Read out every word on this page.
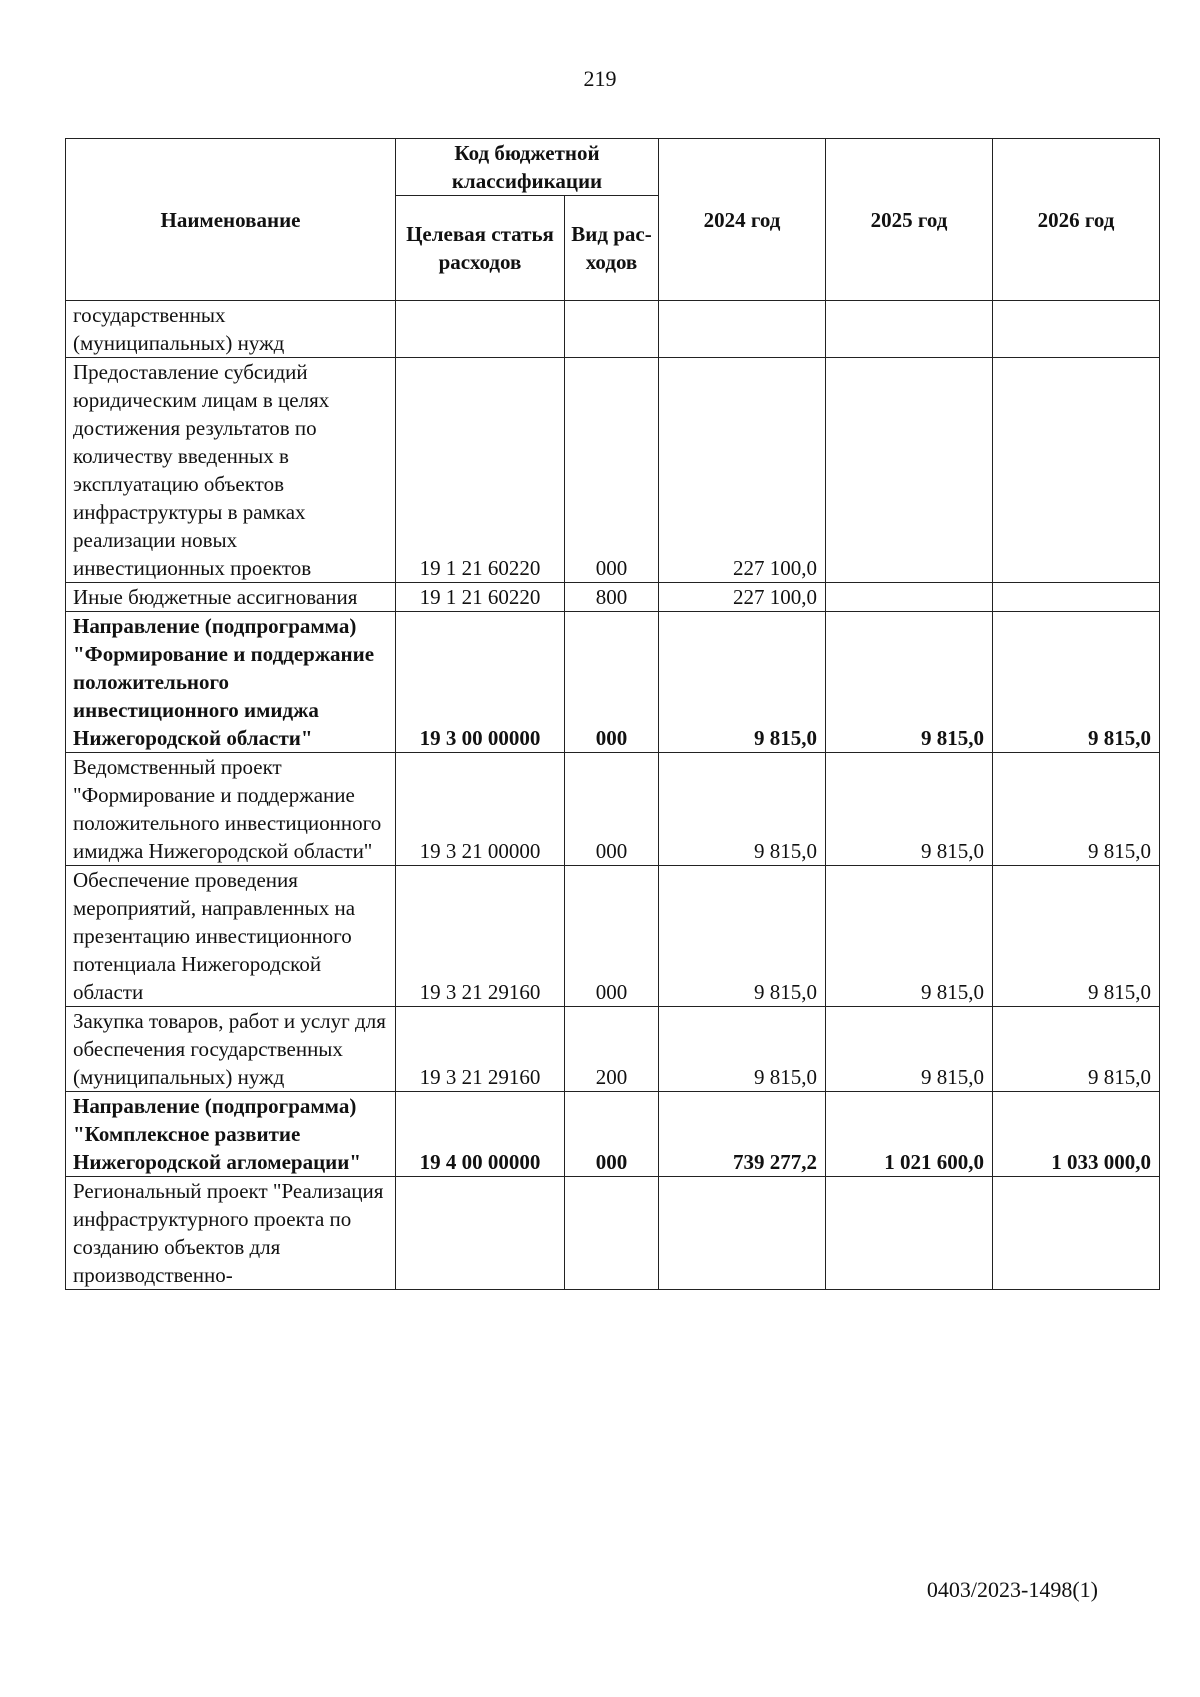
219
Наименование	Код бюджетной классификации		2024 год	2025 год	2026 год
	Целевая статья расходов	Вид рас-ходов			
государственных (муниципальных) нужд					
Предоставление субсидий юридическим лицам в целях достижения результатов по количеству введенных в эксплуатацию объектов инфраструктуры в рамках реализации новых инвестиционных проектов	19 1 21 60220	000	227 100,0		
Иные бюджетные ассигнования	19 1 21 60220	800	227 100,0		
Направление (подпрограмма) "Формирование и поддержание положительного инвестиционного имиджа Нижегородской области"	19 3 00 00000	000	9 815,0	9 815,0	9 815,0
Ведомственный проект "Формирование и поддержание положительного инвестиционного имиджа Нижегородской области"	19 3 21 00000	000	9 815,0	9 815,0	9 815,0
Обеспечение проведения мероприятий, направленных на презентацию инвестиционного потенциала Нижегородской области	19 3 21 29160	000	9 815,0	9 815,0	9 815,0
Закупка товаров, работ и услуг для обеспечения государственных (муниципальных) нужд	19 3 21 29160	200	9 815,0	9 815,0	9 815,0
Направление (подпрограмма) "Комплексное развитие Нижегородской агломерации"	19 4 00 00000	000	739 277,2	1 021 600,0	1 033 000,0
Региональный проект "Реализация инфраструктурного проекта по созданию объектов для производственно-					
0403/2023-1498(1)
